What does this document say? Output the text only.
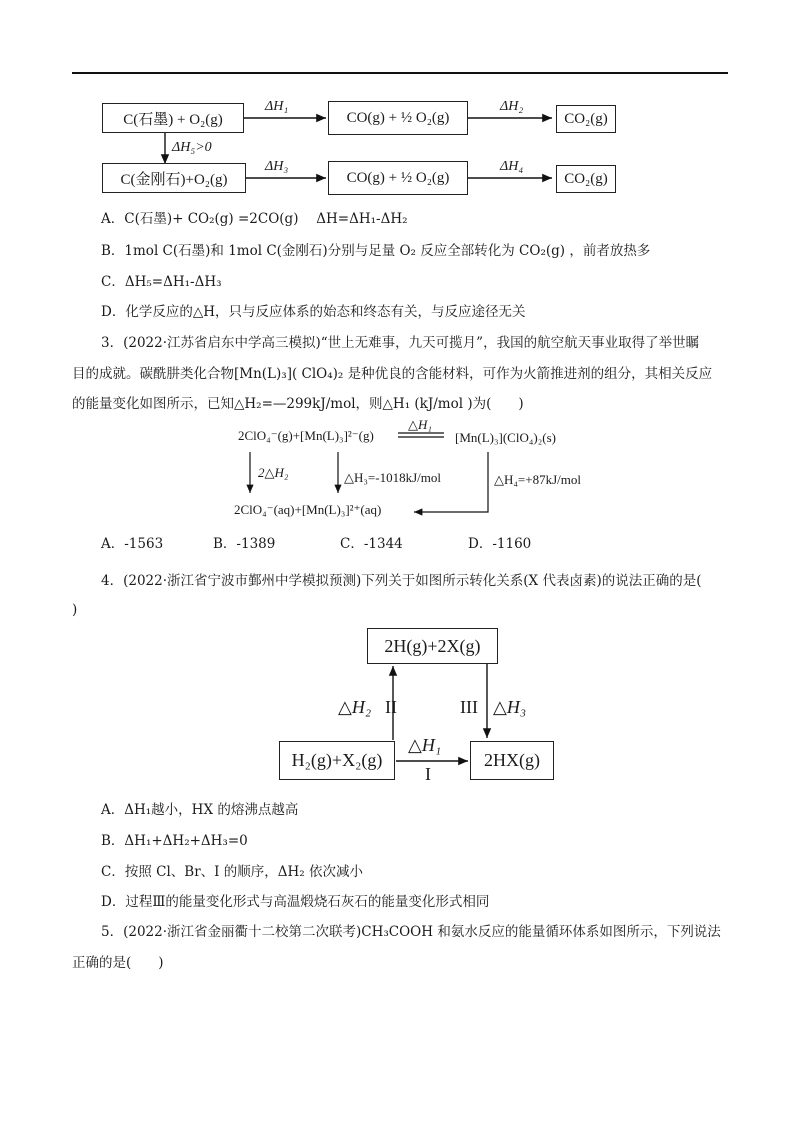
C(石墨) + O₂(g)	CO(g) + ½ O₂(g)	CO₂(g)
C(金刚石)+O₂(g)	CO(g) + ½ O₂(g)	CO₂(g)
ΔH₁	ΔH₂
ΔH₅>0
ΔH₃	ΔH₄
A．C(石墨)+ CO₂(g) =2CO(g)　 ΔH=ΔH₁-ΔH₂
B．1mol C(石墨)和 1mol C(金刚石)分别与足量 O₂ 反应全部转化为 CO₂(g) ，前者放热多
C．ΔH₅=ΔH₁-ΔH₃
D．化学反应的△H，只与反应体系的始态和终态有关，与反应途径无关
3．(2022·江苏省启东中学高三模拟)“世上无难事，九天可揽月”，我国的航空航天事业取得了举世瞩
目的成就。碳酰肼类化合物[Mn(L)₃]( ClO₄)₂ 是种优良的含能材料，可作为火箭推进剂的组分，其相关反应
的能量变化如图所示，已知△H₂=—299kJ/mol，则△H₁ (kJ/mol )为(　　)
2ClO₄⁻(g)+[Mn(L)₃]²⁻(g)
△H₁
[Mn(L)₃](ClO₄)₂(s)
2△H₂	△H₃=-1018kJ/mol	△H₄=+87kJ/mol
2ClO₄⁻(aq)+[Mn(L)₃]²⁺(aq)
A．-1563	B．-1389	C．-1344	D．-1160
4．(2022·浙江省宁波市鄞州中学模拟预测)下列关于如图所示转化关系(X 代表卤素)的说法正确的是(
)
2H(g)+2X(g)
H₂(g)+X₂(g)	2HX(g)
△H₂ II	III △H₃
△H₁
I
A．ΔH₁越小，HX 的熔沸点越高
B．ΔH₁+ΔH₂+ΔH₃=0
C．按照 Cl、Br、I 的顺序，ΔH₂ 依次减小
D．过程Ⅲ的能量变化形式与高温煅烧石灰石的能量变化形式相同
5．(2022·浙江省金丽衢十二校第二次联考)CH₃COOH 和氨水反应的能量循环体系如图所示，下列说法
正确的是(　　)
